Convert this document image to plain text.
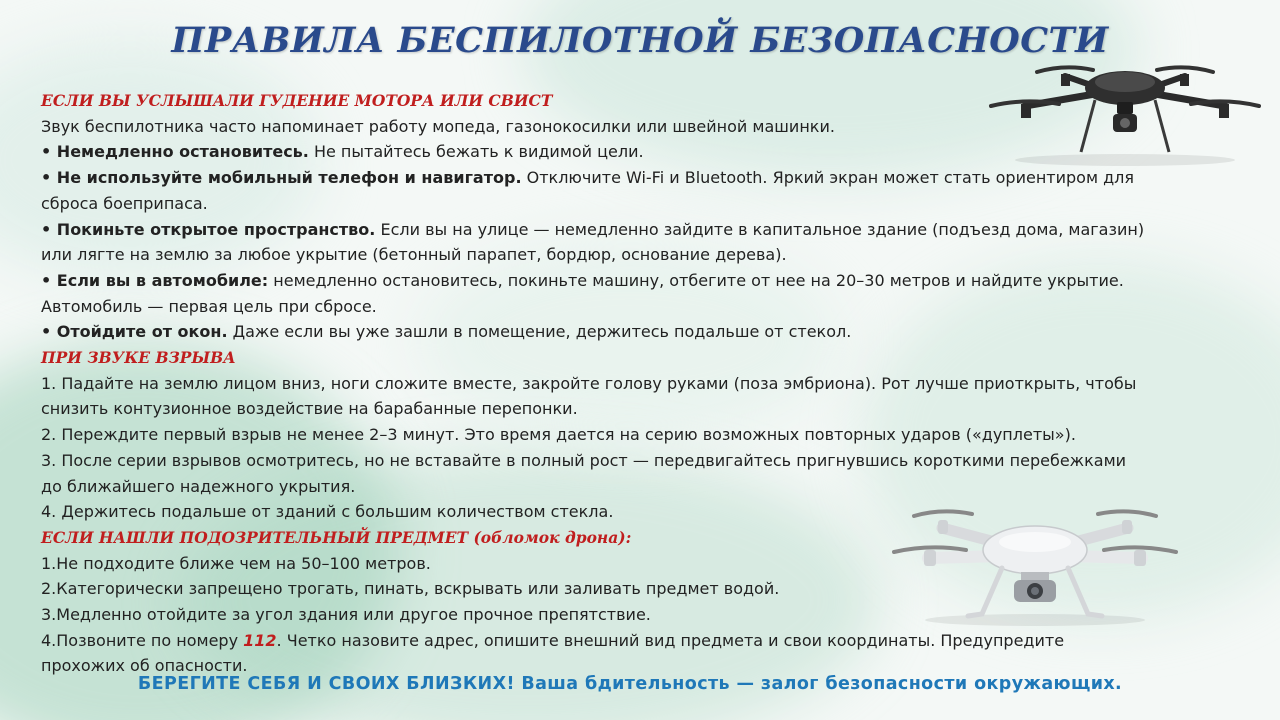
ПРАВИЛА БЕСПИЛОТНОЙ БЕЗОПАСНОСТИ

ЕСЛИ ВЫ УСЛЫШАЛИ ГУДЕНИЕ МОТОРА ИЛИ СВИСТ

Звук беспилотника часто напоминает работу мопеда, газонокосилки или швейной машинки.

• Немедленно остановитесь. Не пытайтесь бежать к видимой цели.

• Не используйте мобильный телефон и навигатор. Отключите Wi-Fi и Bluetooth. Яркий экран может стать ориентиром для

сброса боеприпаса.

• Покиньте открытое пространство. Если вы на улице — немедленно зайдите в капитальное здание (подъезд дома, магазин)

или лягте на землю за любое укрытие (бетонный парапет, бордюр, основание дерева).

• Если вы в автомобиле: немедленно остановитесь, покиньте машину, отбегите от нее на 20–30 метров и найдите укрытие.

Автомобиль — первая цель при сбросе.

• Отойдите от окон. Даже если вы уже зашли в помещение, держитесь подальше от стекол.

ПРИ ЗВУКЕ ВЗРЫВА

1. Падайте на землю лицом вниз, ноги сложите вместе, закройте голову руками (поза эмбриона). Рот лучше приоткрыть, чтобы

снизить контузионное воздействие на барабанные перепонки.

2. Переждите первый взрыв не менее 2–3 минут. Это время дается на серию возможных повторных ударов («дуплеты»).

3. После серии взрывов осмотритесь, но не вставайте в полный рост — передвигайтесь пригнувшись короткими перебежками

до ближайшего надежного укрытия.

4. Держитесь подальше от зданий с большим количеством стекла.

ЕСЛИ НАШЛИ ПОДОЗРИТЕЛЬНЫЙ ПРЕДМЕТ (обломок дрона):

1.Не подходите ближе чем на 50–100 метров.

2.Категорически запрещено трогать, пинать, вскрывать или заливать предмет водой.

3.Медленно отойдите за угол здания или другое прочное препятствие.

4.Позвоните по номеру 112. Четко назовите адрес, опишите внешний вид предмета и свои координаты. Предупредите

прохожих об опасности.

БЕРЕГИТЕ СЕБЯ И СВОИХ БЛИЗКИХ! Ваша бдительность — залог безопасности окружающих.
